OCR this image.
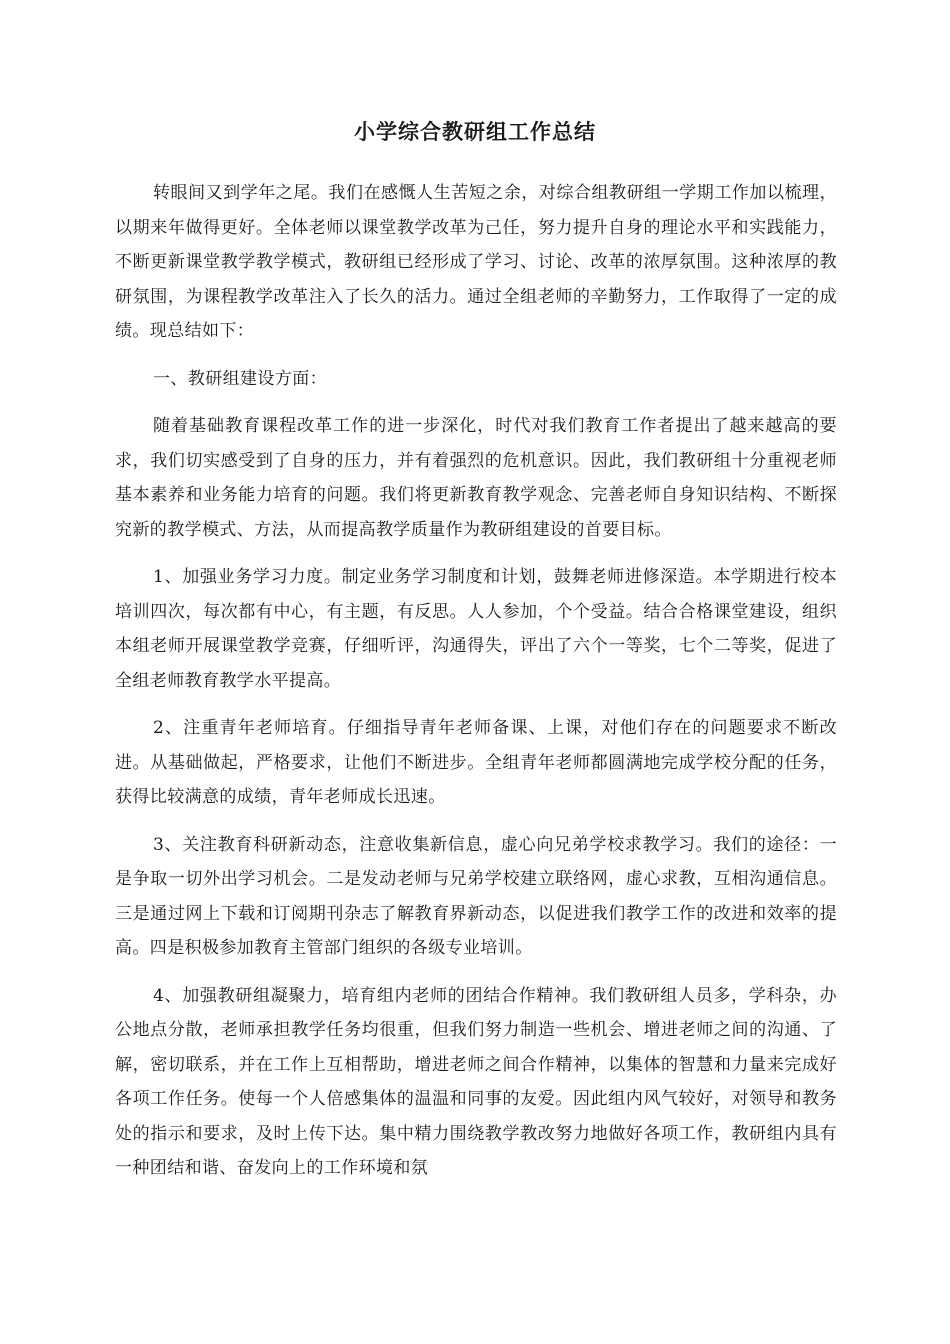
小学综合教研组工作总结

转眼间又到学年之尾。我们在感慨人生苦短之余，对综合组教研组一学期工作加以梳理，以期来年做得更好。全体老师以课堂教学改革为己任，努力提升自身的理论水平和实践能力，不断更新课堂教学教学模式，教研组已经形成了学习、讨论、改革的浓厚氛围。这种浓厚的教研氛围，为课程教学改革注入了长久的活力。通过全组老师的辛勤努力，工作取得了一定的成绩。现总结如下：

一、教研组建设方面：

随着基础教育课程改革工作的进一步深化，时代对我们教育工作者提出了越来越高的要求，我们切实感受到了自身的压力，并有着强烈的危机意识。因此，我们教研组十分重视老师基本素养和业务能力培育的问题。我们将更新教育教学观念、完善老师自身知识结构、不断探究新的教学模式、方法，从而提高教学质量作为教研组建设的首要目标。

1、加强业务学习力度。制定业务学习制度和计划，鼓舞老师进修深造。本学期进行校本培训四次，每次都有中心，有主题，有反思。人人参加，个个受益。结合合格课堂建设，组织本组老师开展课堂教学竞赛，仔细听评，沟通得失，评出了六个一等奖，七个二等奖，促进了全组老师教育教学水平提高。

2、注重青年老师培育。仔细指导青年老师备课、上课，对他们存在的问题要求不断改进。从基础做起，严格要求，让他们不断进步。全组青年老师都圆满地完成学校分配的任务，获得比较满意的成绩，青年老师成长迅速。

3、关注教育科研新动态，注意收集新信息，虚心向兄弟学校求教学习。我们的途径：一是争取一切外出学习机会。二是发动老师与兄弟学校建立联络网，虚心求教，互相沟通信息。三是通过网上下载和订阅期刊杂志了解教育界新动态，以促进我们教学工作的改进和效率的提高。四是积极参加教育主管部门组织的各级专业培训。

4、加强教研组凝聚力，培育组内老师的团结合作精神。我们教研组人员多，学科杂，办公地点分散，老师承担教学任务均很重，但我们努力制造一些机会、增进老师之间的沟通、了解，密切联系，并在工作上互相帮助，增进老师之间合作精神，以集体的智慧和力量来完成好各项工作任务。使每一个人倍感集体的温温和同事的友爱。因此组内风气较好，对领导和教务处的指示和要求，及时上传下达。集中精力围绕教学教改努力地做好各项工作，教研组内具有一种团结和谐、奋发向上的工作环境和氛
